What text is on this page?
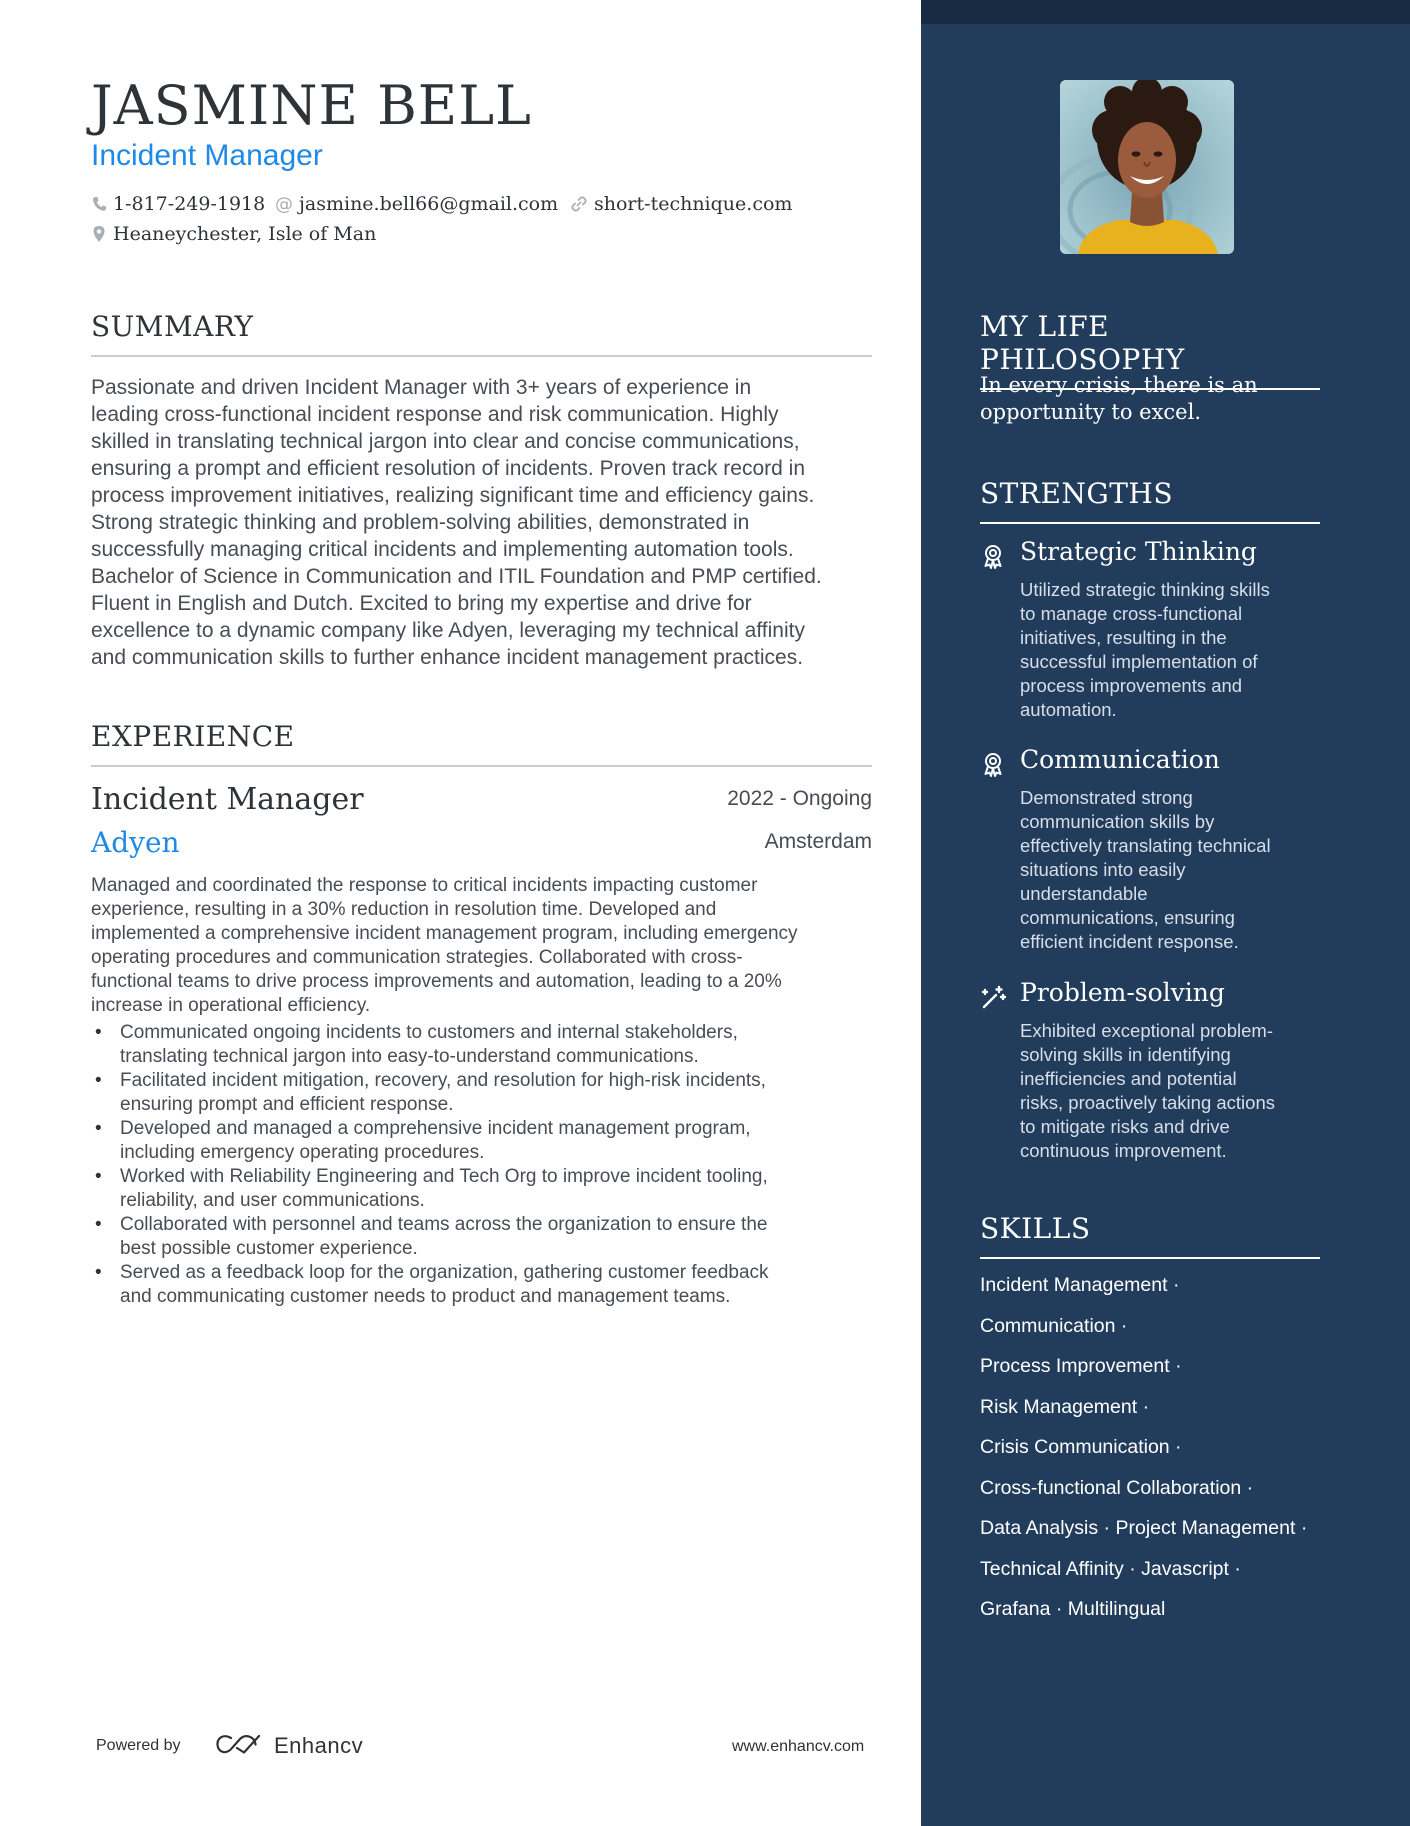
JASMINE BELL
Incident Manager
1-817-249-1918 @ jasmine.bell66@gmail.com	short-technique.com
Heaneychester, Isle of Man
SUMMARY
Passionate and driven Incident Manager with 3+ years of experience in
leading cross-functional incident response and risk communication. Highly
skilled in translating technical jargon into clear and concise communications,
ensuring a prompt and efficient resolution of incidents. Proven track record in
process improvement initiatives, realizing significant time and efficiency gains.
Strong strategic thinking and problem-solving abilities, demonstrated in
successfully managing critical incidents and implementing automation tools.
Bachelor of Science in Communication and ITIL Foundation and PMP certified.
Fluent in English and Dutch. Excited to bring my expertise and drive for
excellence to a dynamic company like Adyen, leveraging my technical affinity
and communication skills to further enhance incident management practices.
EXPERIENCE
Incident Manager	2022 - Ongoing
Adyen	Amsterdam
Managed and coordinated the response to critical incidents impacting customer
experience, resulting in a 30% reduction in resolution time. Developed and
implemented a comprehensive incident management program, including emergency
operating procedures and communication strategies. Collaborated with cross-
functional teams to drive process improvements and automation, leading to a 20%
increase in operational efficiency.
• Communicated ongoing incidents to customers and internal stakeholders,
translating technical jargon into easy-to-understand communications.
• Facilitated incident mitigation, recovery, and resolution for high-risk incidents,
ensuring prompt and efficient response.
• Developed and managed a comprehensive incident management program,
including emergency operating procedures.
• Worked with Reliability Engineering and Tech Org to improve incident tooling,
reliability, and user communications.
• Collaborated with personnel and teams across the organization to ensure the
best possible customer experience.
• Served as a feedback loop for the organization, gathering customer feedback
and communicating customer needs to product and management teams.
Powered by	Enhancv	www.enhancv.com
MY LIFE PHILOSOPHY
In every crisis, there is an
opportunity to excel.
STRENGTHS
Strategic Thinking
Utilized strategic thinking skills
to manage cross-functional
initiatives, resulting in the
successful implementation of
process improvements and
automation.
Communication
Demonstrated strong
communication skills by
effectively translating technical
situations into easily
understandable
communications, ensuring
efficient incident response.
Problem-solving
Exhibited exceptional problem-
solving skills in identifying
inefficiencies and potential
risks, proactively taking actions
to mitigate risks and drive
continuous improvement.
SKILLS
Incident Management ·
Communication ·
Process Improvement ·
Risk Management ·
Crisis Communication ·
Cross-functional Collaboration ·
Data Analysis · Project Management ·
Technical Affinity · Javascript ·
Grafana · Multilingual
